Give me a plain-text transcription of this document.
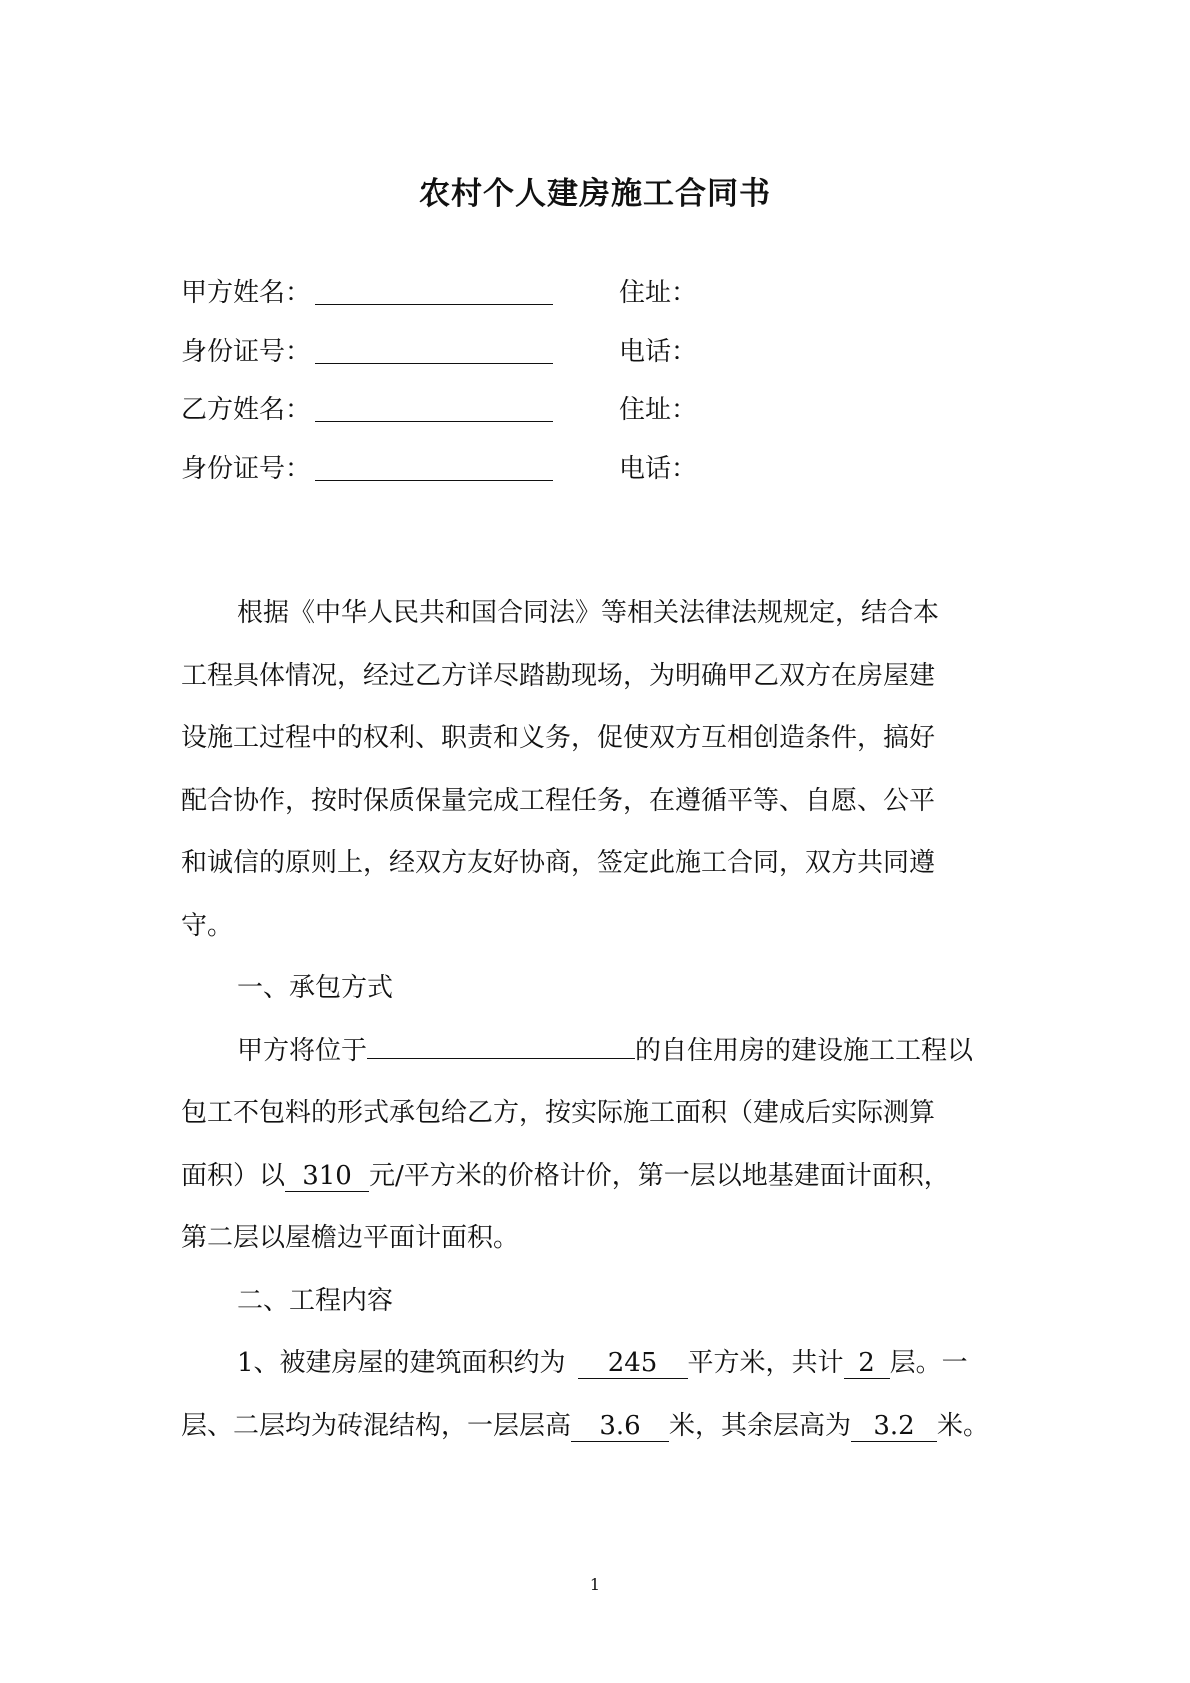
农村个人建房施工合同书
甲方姓名：	住址：
身份证号：	电话：
乙方姓名：	住址：
身份证号：	电话：
根据《中华人民共和国合同法》等相关法律法规规定，结合本
工程具体情况，经过乙方详尽踏勘现场，为明确甲乙双方在房屋建
设施工过程中的权利、职责和义务，促使双方互相创造条件，搞好
配合协作，按时保质保量完成工程任务，在遵循平等、自愿、公平
和诚信的原则上，经双方友好协商，签定此施工合同，双方共同遵
守。
一、承包方式
甲方将位于	的自住用房的建设施工工程以
包工不包料的形式承包给乙方，按实际施工面积（建成后实际测算
面积）以 310 元/平方米的价格计价，第一层以地基建面计面积，
第二层以屋檐边平面计面积。
二、工程内容
1、被建房屋的建筑面积约为 245 平方米，共计 2 层。一
层、二层均为砖混结构，一层层高 3.6 米，其余层高为 3.2 米。
1
